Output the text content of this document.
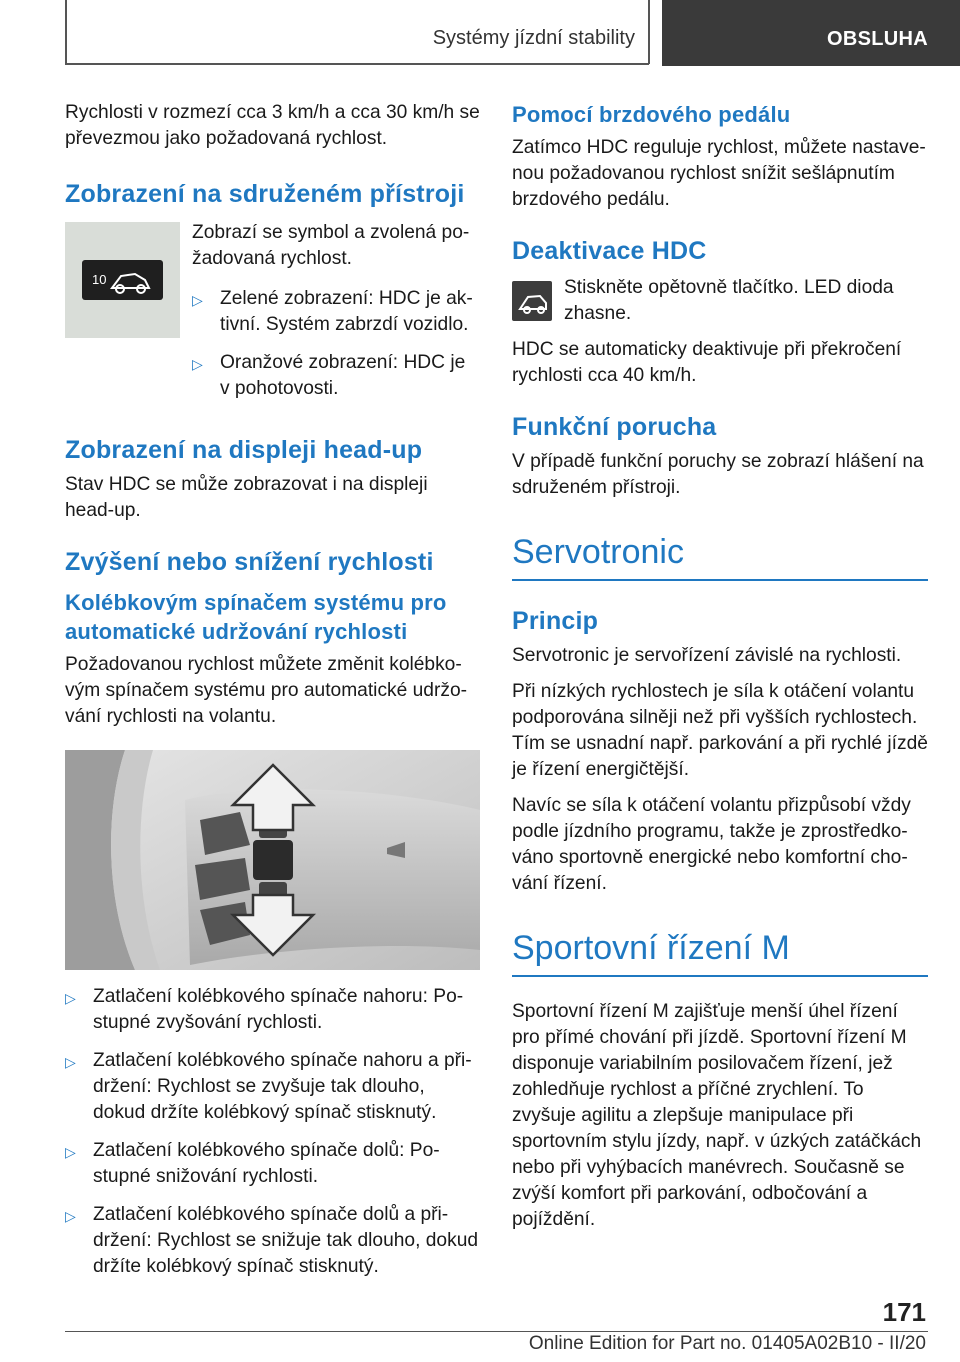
Systémy jízdní stability	OBSLUHA

Rychlosti v rozmezí cca 3 km/h a cca 30 km/h se převezmou jako požadovaná rychlost.

Zobrazení na sdruženém přístroji
10

Zobrazí se symbol a zvolená požadovaná rychlost.

▷ Zelené zobrazení: HDC je aktivní. Systém zabrzdí vozidlo.
▷ Oranžové zobrazení: HDC je v pohotovosti.
Zobrazení na displeji head-up

Stav HDC se může zobrazovat i na displeji head-up.

Zvýšení nebo snížení rychlosti
Kolébkovým spínačem systému pro automatické udržování rychlosti

Požadovanou rychlost můžete změnit kolébkovým spínačem systému pro automatické udržování rychlosti na volantu.

▷ Zatlačení kolébkového spínače nahoru: Postupné zvyšování rychlosti.
▷ Zatlačení kolébkového spínače nahoru a přidržení: Rychlost se zvyšuje tak dlouho, dokud držíte kolébkový spínač stisknutý.
▷ Zatlačení kolébkového spínače dolů: Postupné snižování rychlosti.
▷ Zatlačení kolébkového spínače dolů a přidržení: Rychlost se snižuje tak dlouho, dokud držíte kolébkový spínač stisknutý.
Pomocí brzdového pedálu

Zatímco HDC reguluje rychlost, můžete nastavenou požadovanou rychlost snížit sešlápnutím brzdového pedálu.

Deaktivace HDC

Stiskněte opětovně tlačítko. LED dioda zhasne.

HDC se automaticky deaktivuje při překročení rychlosti cca 40 km/h.

Funkční porucha

V případě funkční poruchy se zobrazí hlášení na sdruženém přístroji.

Servotronic
Princip

Servotronic je servořízení závislé na rychlosti.

Při nízkých rychlostech je síla k otáčení volantu podporována silněji než při vyšších rychlostech. Tím se usnadní např. parkování a při rychlé jízdě je řízení energičtější.

Navíc se síla k otáčení volantu přizpůsobí vždy podle jízdního programu, takže je zprostředkováno sportovně energické nebo komfortní chování řízení.

Sportovní řízení M

Sportovní řízení M zajišťuje menší úhel řízení pro přímé chování při jízdě. Sportovní řízení M disponuje variabilním posilovačem řízení, jež zohledňuje rychlost a příčné zrychlení. To zvyšuje agilitu a zlepšuje manipulace při sportovním stylu jízdy, např. v úzkých zatáčkách nebo při vyhýbacích manévrech. Současně se zvýší komfort při parkování, odbočování a pojíždění.

171
Online Edition for Part no. 01405A02B10 - II/20
